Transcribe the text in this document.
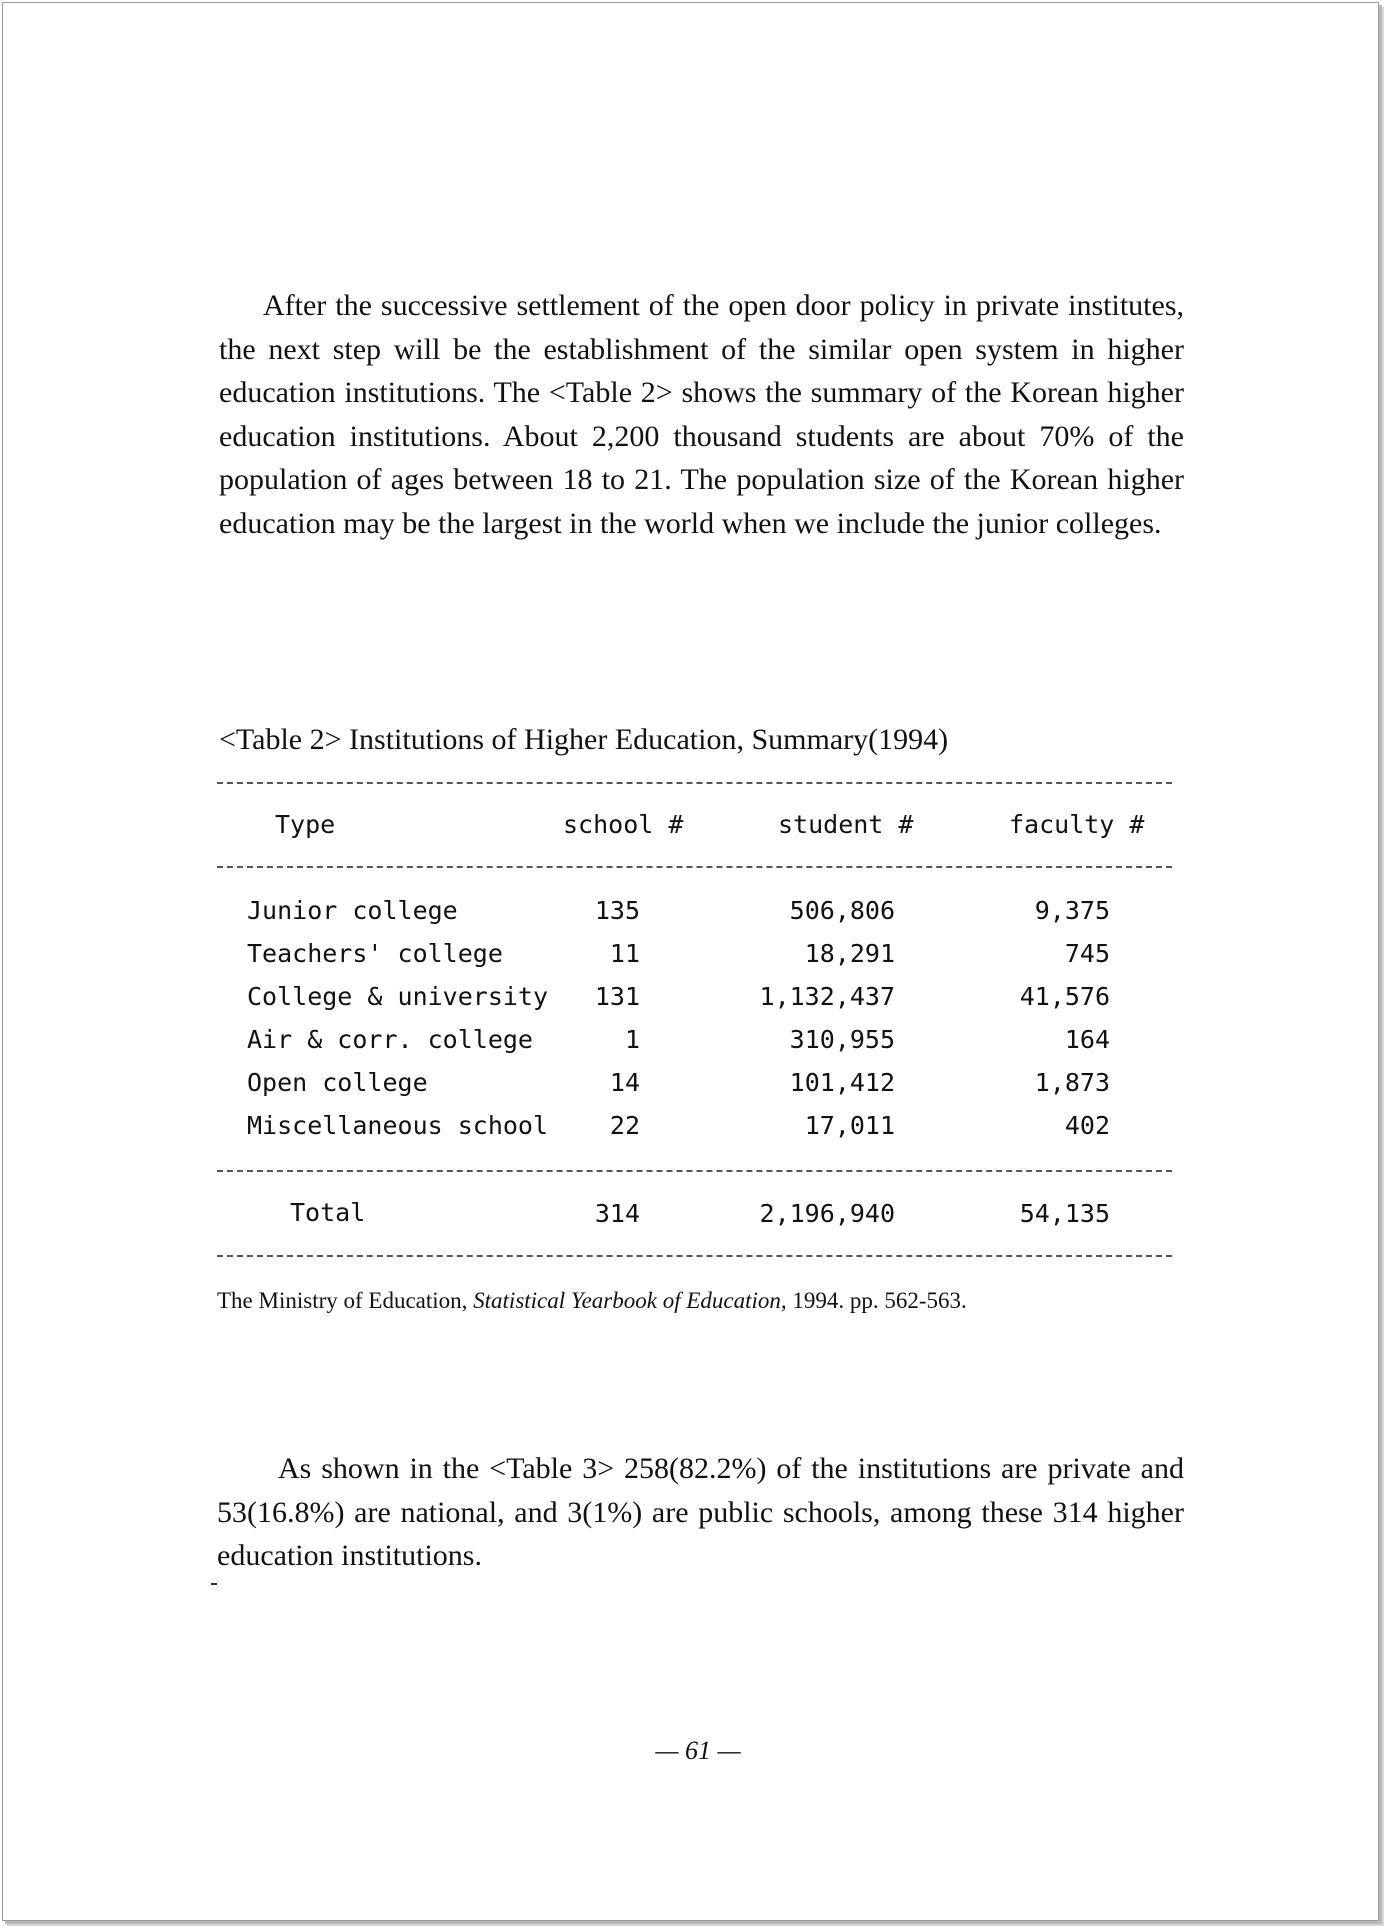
After the successive settlement of the open door policy in private institutes, the next step will be the establishment of the similar open system in higher education institutions. The <Table 2> shows the summary of the Korean higher education institutions. About 2,200 thousand students are about 70% of the population of ages between 18 to 21. The population size of the Korean higher education may be the largest in the world when we include the junior colleges.

<Table 2> Institutions of Higher Education, Summary(1994)

Type	school #	student #	faculty #
Junior college	135	506,806	9,375
Teachers' college	11	18,291	745
College & university	131	1,132,437	41,576
Air & corr. college	1	310,955	164
Open college	14	101,412	1,873
Miscellaneous school	22	17,011	402
Total	314	2,196,940	54,135

The Ministry of Education, Statistical Yearbook of Education, 1994. pp. 562-563.

As shown in the <Table 3> 258(82.2%) of the institutions are private and 53(16.8%) are national, and 3(1%) are public schools, among these 314 higher education institutions.

— 61 —
